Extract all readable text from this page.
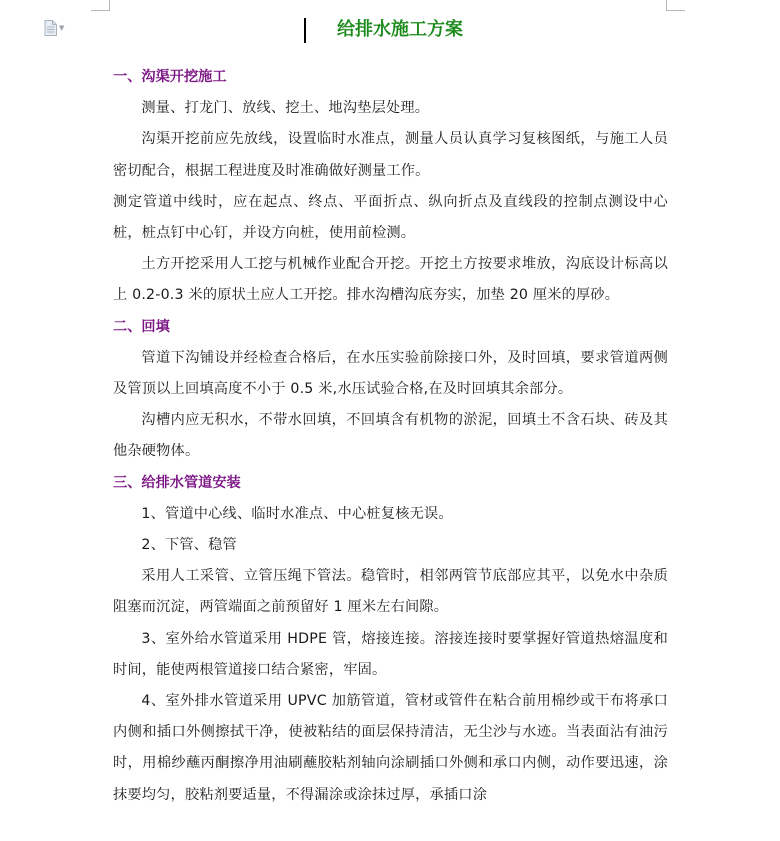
▼	给排水施工方案

一、沟渠开挖施工

测量、打龙门、放线、挖土、地沟垫层处理。

沟渠开挖前应先放线，设置临时水准点，测量人员认真学习复核图纸，与施工人员密切配合，根据工程进度及时准确做好测量工作。

测定管道中线时，应在起点、终点、平面折点、纵向折点及直线段的控制点测设中心桩，桩点钉中心钉，并设方向桩，使用前检测。

土方开挖采用人工挖与机械作业配合开挖。开挖土方按要求堆放，沟底设计标高以上 0.2-0.3 米的原状土应人工开挖。排水沟槽沟底夯实，加垫 20 厘米的厚砂。

二、回填

管道下沟铺设并经检查合格后，在水压实验前除接口外，及时回填，要求管道两侧及管顶以上回填高度不小于 0.5 米,水压试验合格,在及时回填其余部分。

沟槽内应无积水，不带水回填，不回填含有机物的淤泥，回填土不含石块、砖及其他杂硬物体。

三、给排水管道安装

1、管道中心线、临时水准点、中心桩复核无误。

2、下管、稳管

采用人工采管、立管压绳下管法。稳管时，相邻两管节底部应其平，以免水中杂质阻塞而沉淀，两管端面之前预留好 1 厘米左右间隙。

3、室外给水管道采用 HDPE 管，熔接连接。溶接连接时要掌握好管道热熔温度和时间，能使两根管道接口结合紧密，牢固。

4、室外排水管道采用 UPVC 加筋管道，管材或管件在粘合前用棉纱或干布将承口内侧和插口外侧擦拭干净，使被粘结的面层保持清洁，无尘沙与水迹。当表面沾有油污时，用棉纱蘸丙酮擦净用油刷蘸胶粘剂轴向涂刷插口外侧和承口内侧，动作要迅速，涂抹要均匀，胶粘剂要适量，不得漏涂或涂抹过厚，承插口涂
